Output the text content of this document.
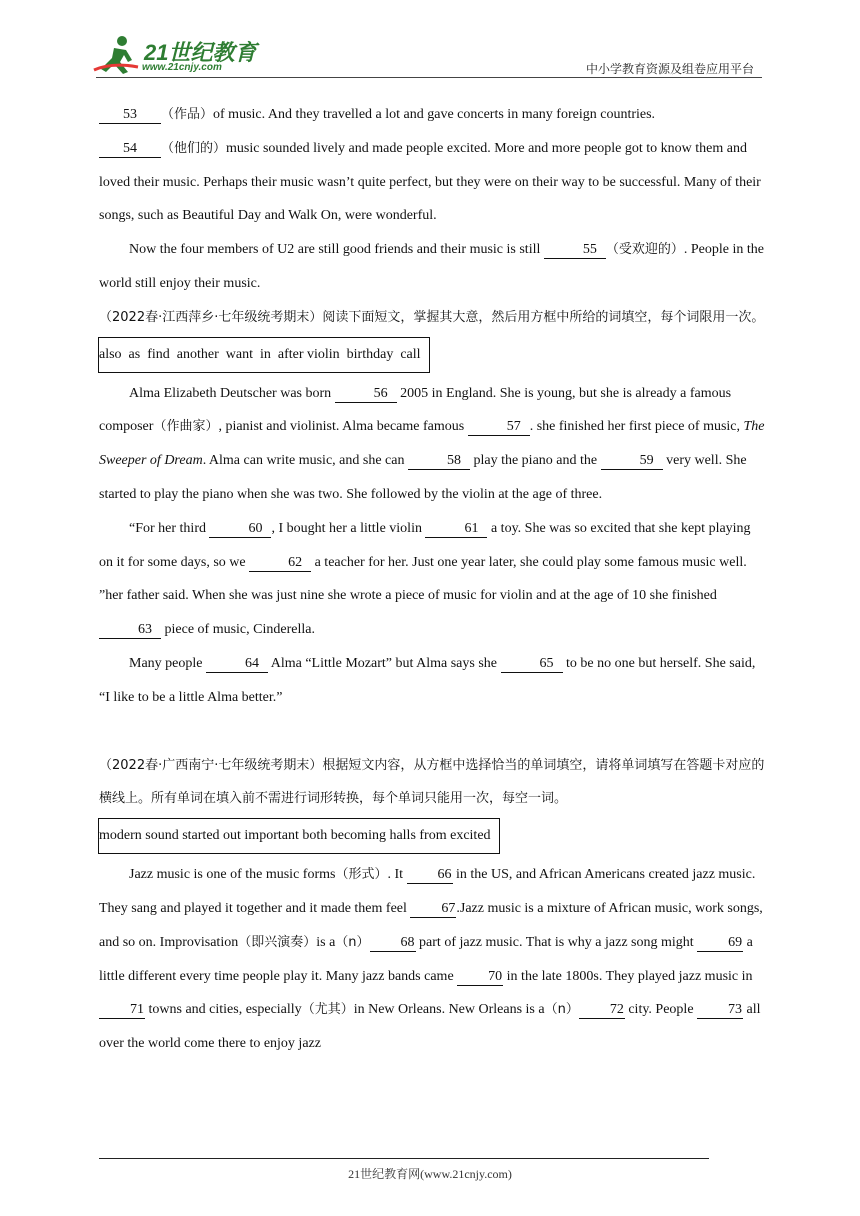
21世纪教育
www.21cnjy.com	中小学教育资源及组卷应用平台

53 （作品）of music. And they travelled a lot and gave concerts in many foreign countries.

54 （他们的）music sounded lively and made people excited. More and more people got to know them and loved their music. Perhaps their music wasn’t quite perfect, but they were on their way to be successful. Many of their songs, such as Beautiful Day and Walk On, were wonderful.

Now the four members of U2 are still good friends and their music is still	55 （受欢迎的）. People in the world still enjoy their music.

（2022春·江西萍乡·七年级统考期末）阅读下面短文，掌握其大意，然后用方框中所给的词填空，每个词限用一次。

also  as  find  another  want  in  after violin  birthday  call

Alma Elizabeth Deutscher was born	56 2005 in England. She is young, but she is already a famous composer（作曲家）, pianist and violinist. Alma became famous	57 . she finished her first piece of music, The Sweeper of Dream. Alma can write music, and she can	58 play the piano and the	59 very well. She started to play the piano when she was two. She followed by the violin at the age of three.

“For her third	60 , I bought her a little violin	61 a toy. She was so excited that she kept playing on it for some days, so we	62 a teacher for her. Just one year later, she could play some famous music well. ”her father said. When she was just nine she wrote a piece of music for violin and at the age of 10 she finished 63 piece of music, Cinderella.

Many people	64 Alma “Little Mozart” but Alma says she	65 to be no one but herself. She said, “I like to be a little Alma better.”

（2022春·广西南宁·七年级统考期末）根据短文内容，从方框中选择恰当的单词填空，请将单词填写在答题卡对应的横线上。所有单词在填入前不需进行词形转换，每个单词只能用一次，每空一词。

modern sound started out important both becoming halls from excited

Jazz music is one of the music forms（形式）. It 66 in the US, and African Americans created jazz music. They sang and played it together and it made them feel 67.Jazz music is a mixture of African music, work songs, and so on. Improvisation（即兴演奏）is a（n） 68 part of jazz music. That is why a jazz song might 69 a little different every time people play it. Many jazz bands came 70 in the late 1800s. They played jazz music in 71 towns and cities, especially（尤其）in New Orleans. New Orleans is a（n） 72 city. People 73 all over the world come there to enjoy jazz

21世纪教育网(www.21cnjy.com)
